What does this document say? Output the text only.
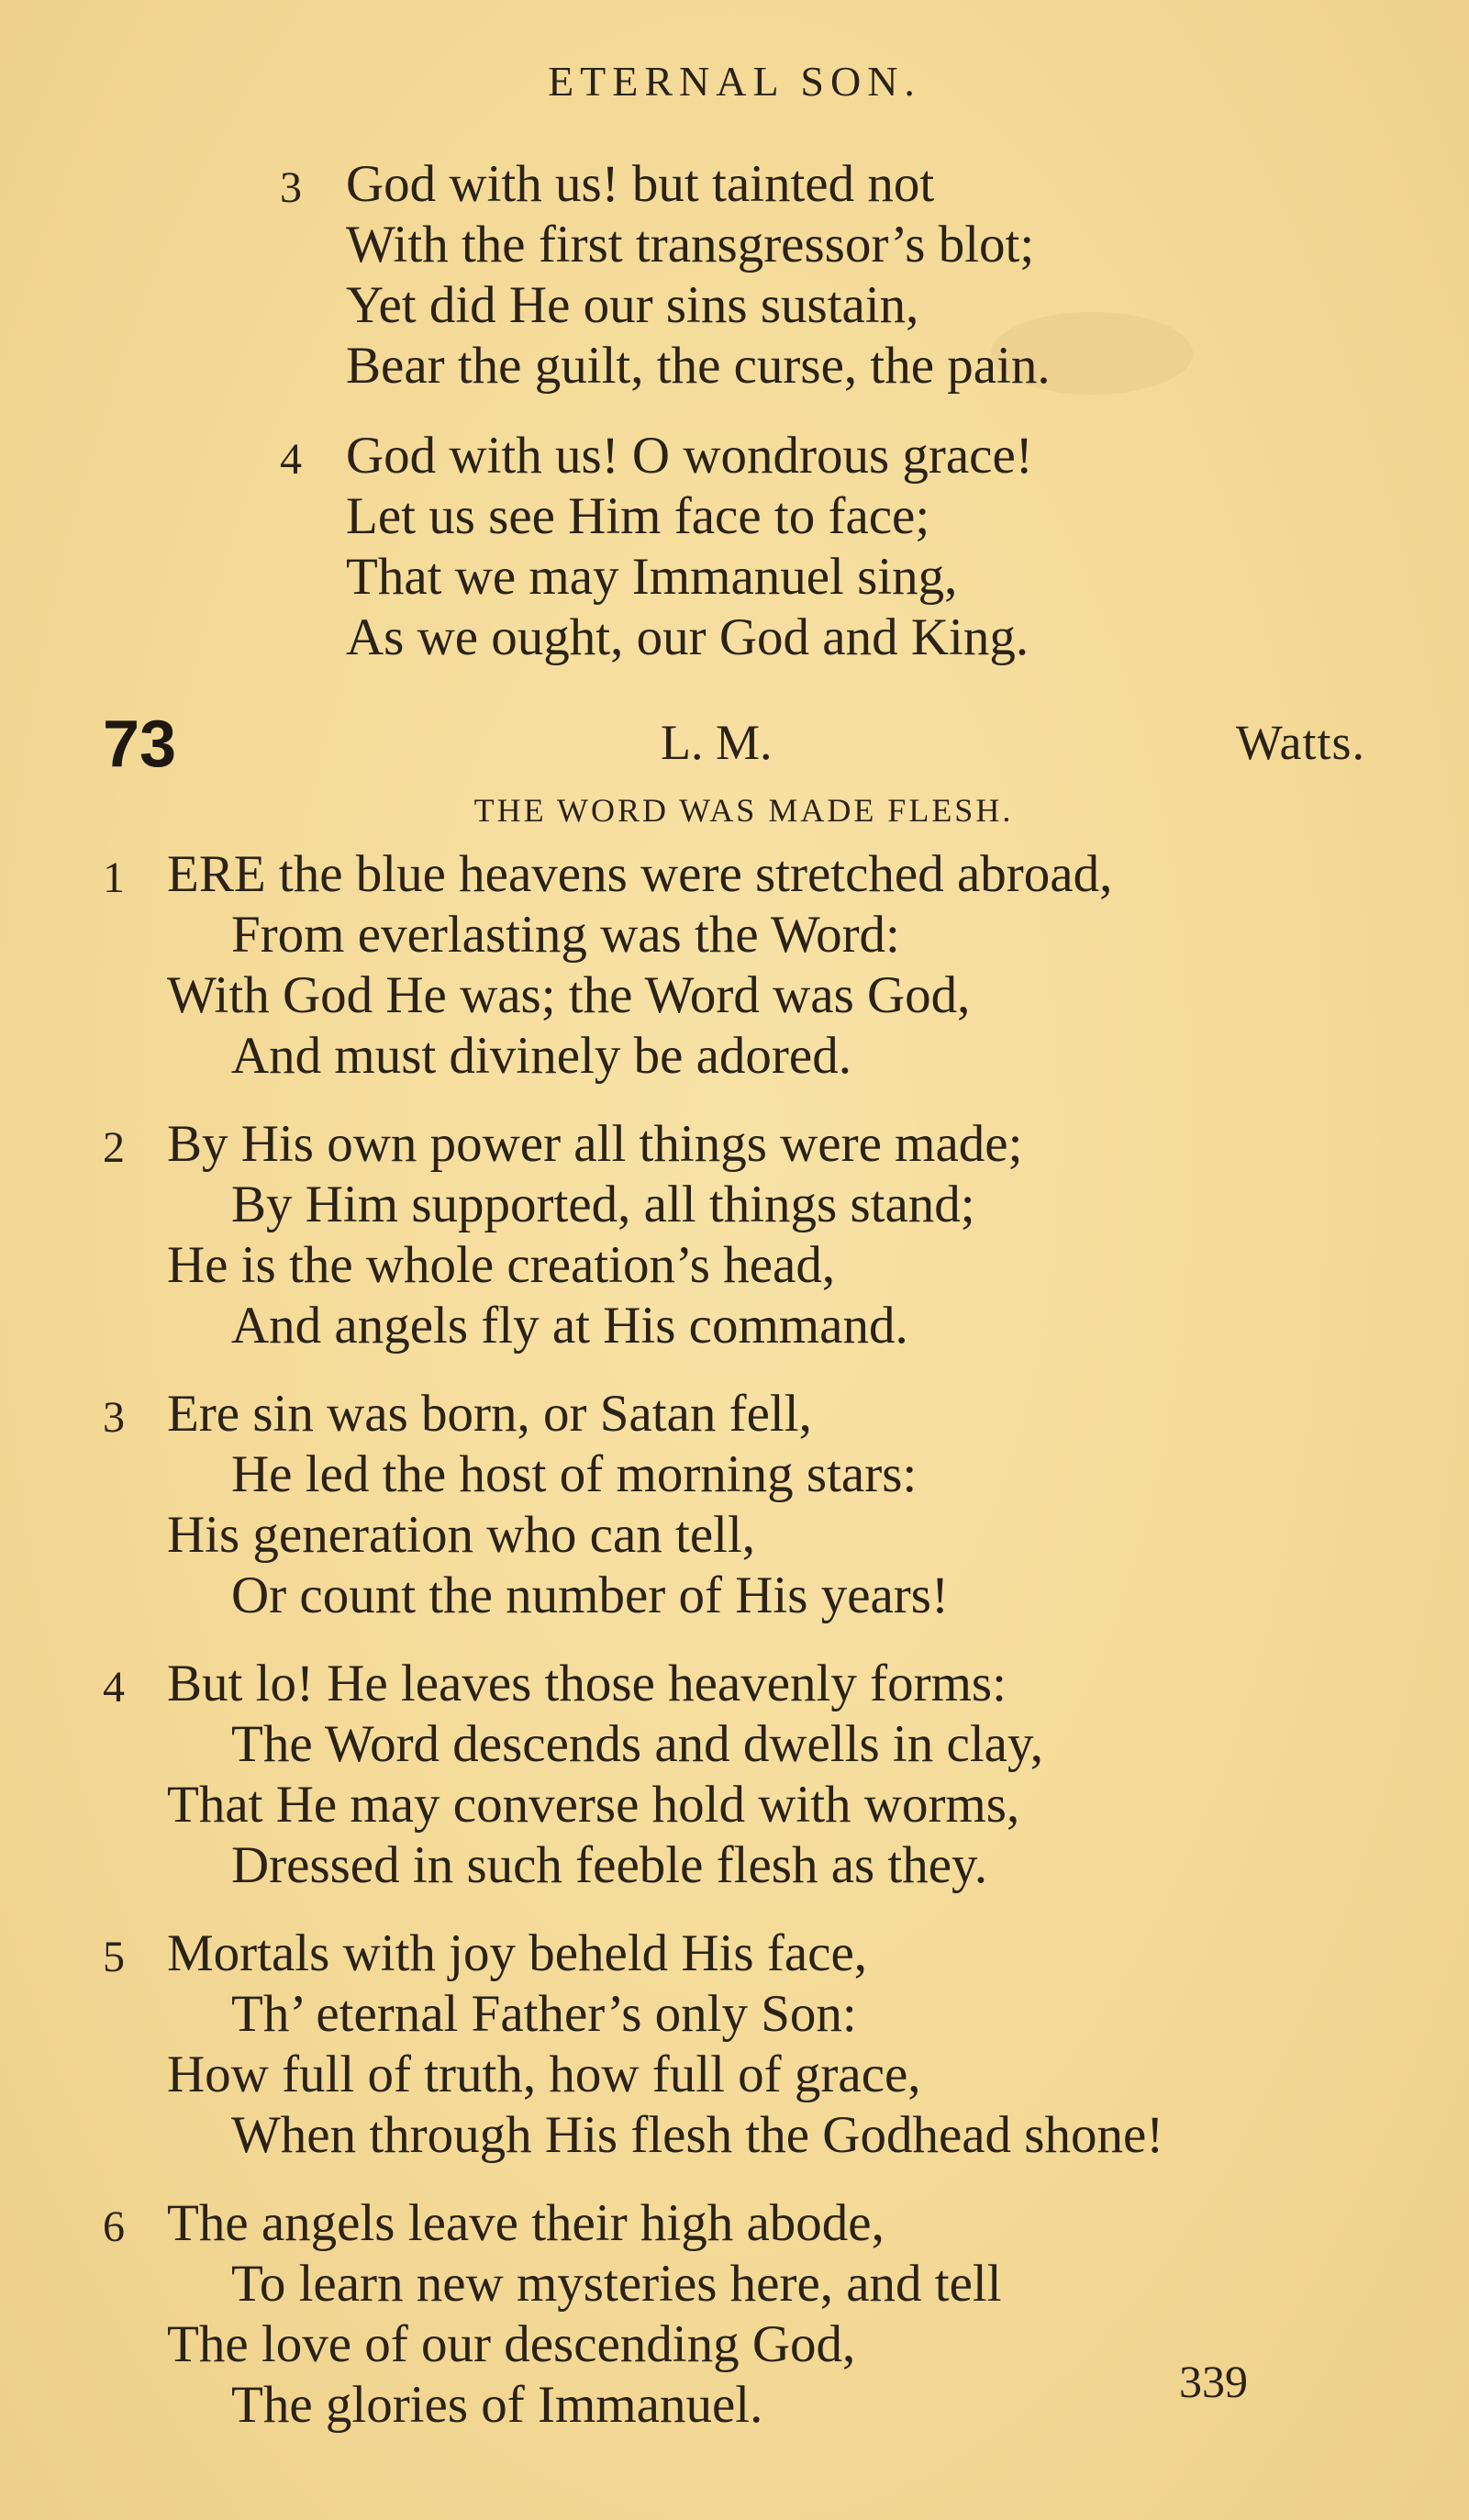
ETERNAL SON.
3 God with us! but tainted not
With the first transgressor’s blot;
Yet did He our sins sustain,
Bear the guilt, the curse, the pain.
4 God with us! O wondrous grace!
Let us see Him face to face;
That we may Immanuel sing,
As we ought, our God and King.
73	L. M.	Watts.
THE WORD WAS MADE FLESH.
1 ERE the blue heavens were stretched abroad,
From everlasting was the Word:
With God He was; the Word was God,
And must divinely be adored.
2 By His own power all things were made;
By Him supported, all things stand;
He is the whole creation’s head,
And angels fly at His command.
3 Ere sin was born, or Satan fell,
He led the host of morning stars:
His generation who can tell,
Or count the number of His years!
4 But lo! He leaves those heavenly forms:
The Word descends and dwells in clay,
That He may converse hold with worms,
Dressed in such feeble flesh as they.
5 Mortals with joy beheld His face,
Th’ eternal Father’s only Son:
How full of truth, how full of grace,
When through His flesh the Godhead shone!
6 The angels leave their high abode,
To learn new mysteries here, and tell
The love of our descending God,
The glories of Immanuel.	339
